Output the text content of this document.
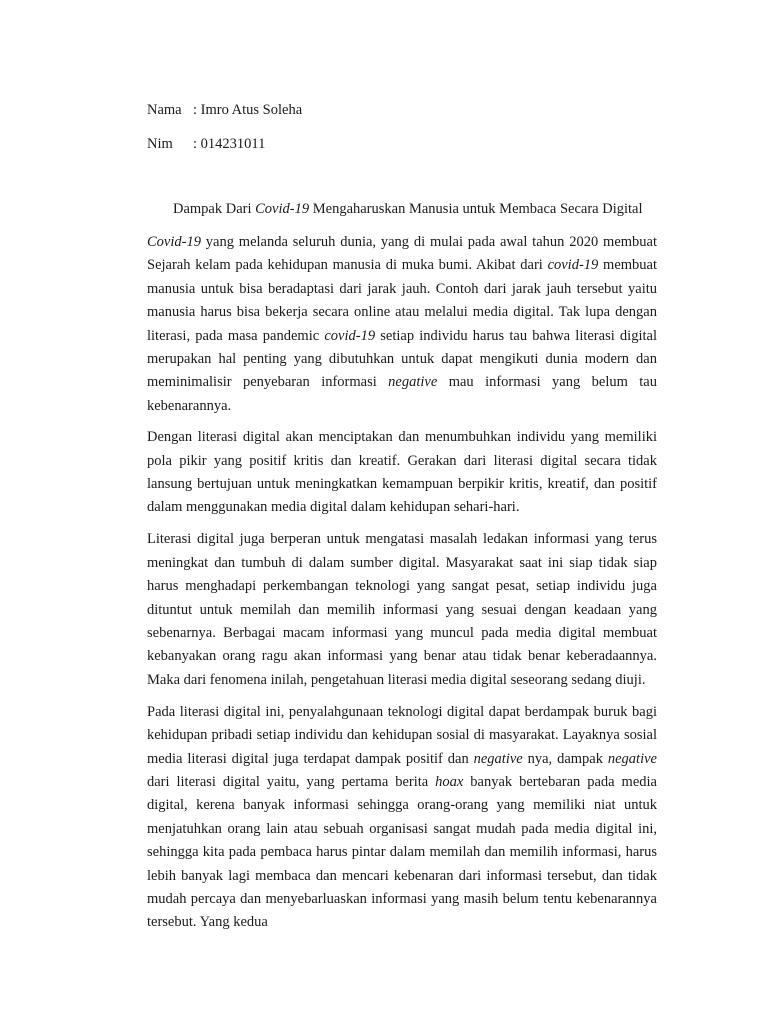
Nama : Imro Atus Soleha
Nim : 014231011
Dampak Dari Covid-19 Mengaharuskan Manusia untuk Membaca Secara Digital

Covid-19 yang melanda seluruh dunia, yang di mulai pada awal tahun 2020 membuat Sejarah kelam pada kehidupan manusia di muka bumi. Akibat dari covid-19 membuat manusia untuk bisa beradaptasi dari jarak jauh. Contoh dari jarak jauh tersebut yaitu manusia harus bisa bekerja secara online atau melalui media digital. Tak lupa dengan literasi, pada masa pandemic covid-19 setiap individu harus tau bahwa literasi digital merupakan hal penting yang dibutuhkan untuk dapat mengikuti dunia modern dan meminimalisir penyebaran informasi negative mau informasi yang belum tau kebenarannya.

Dengan literasi digital akan menciptakan dan menumbuhkan individu yang memiliki pola pikir yang positif kritis dan kreatif. Gerakan dari literasi digital secara tidak lansung bertujuan untuk meningkatkan kemampuan berpikir kritis, kreatif, dan positif dalam menggunakan media digital dalam kehidupan sehari-hari.

Literasi digital juga berperan untuk mengatasi masalah ledakan informasi yang terus meningkat dan tumbuh di dalam sumber digital. Masyarakat saat ini siap tidak siap harus menghadapi perkembangan teknologi yang sangat pesat, setiap individu juga dituntut untuk memilah dan memilih informasi yang sesuai dengan keadaan yang sebenarnya. Berbagai macam informasi yang muncul pada media digital membuat kebanyakan orang ragu akan informasi yang benar atau tidak benar keberadaannya. Maka dari fenomena inilah, pengetahuan literasi media digital seseorang sedang diuji.

Pada literasi digital ini, penyalahgunaan teknologi digital dapat berdampak buruk bagi kehidupan pribadi setiap individu dan kehidupan sosial di masyarakat. Layaknya sosial media literasi digital juga terdapat dampak positif dan negative nya, dampak negative dari literasi digital yaitu, yang pertama berita hoax banyak bertebaran pada media digital, kerena banyak informasi sehingga orang-orang yang memiliki niat untuk menjatuhkan orang lain atau sebuah organisasi sangat mudah pada media digital ini, sehingga kita pada pembaca harus pintar dalam memilah dan memilih informasi, harus lebih banyak lagi membaca dan mencari kebenaran dari informasi tersebut, dan tidak mudah percaya dan menyebarluaskan informasi yang masih belum tentu kebenarannya tersebut. Yang kedua
